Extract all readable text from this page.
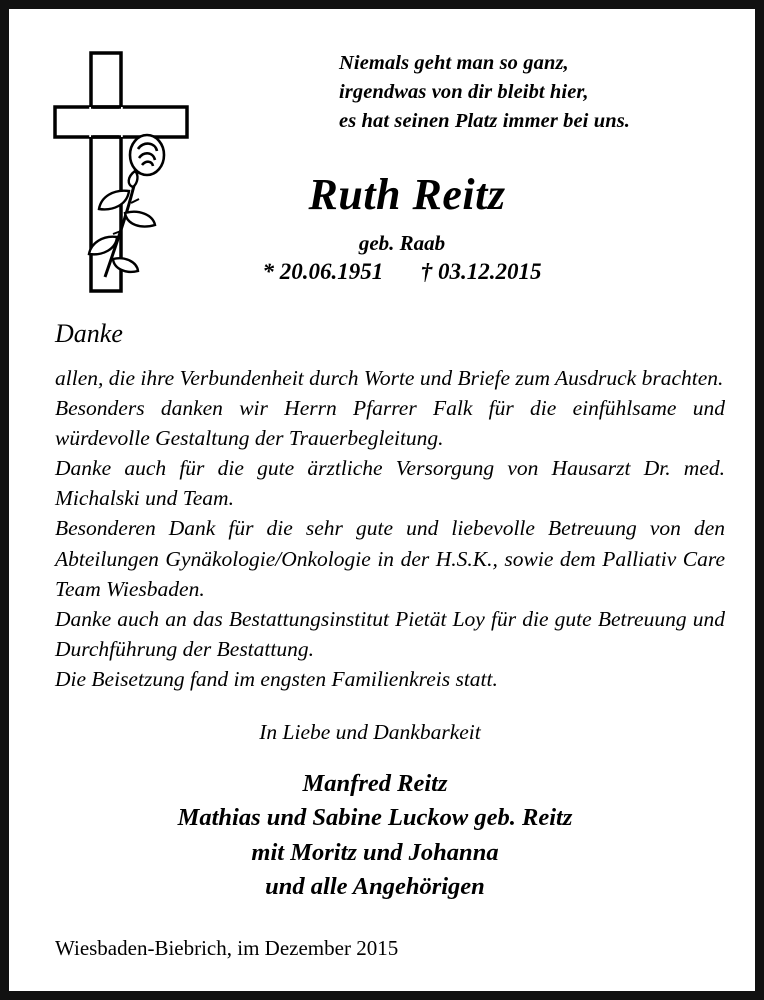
Niemals geht man so ganz,
irgendwas von dir bleibt hier,
es hat seinen Platz immer bei uns.
Ruth Reitz
geb. Raab
* 20.06.1951 † 03.12.2015
Danke
allen, die ihre Verbundenheit durch Worte und Briefe zum Ausdruck brachten.
Besonders danken wir Herrn Pfarrer Falk für die einfühlsame und würdevolle Gestaltung der Trauerbegleitung.
Danke auch für die gute ärztliche Versorgung von Hausarzt Dr. med. Michalski und Team.
Besonderen Dank für die sehr gute und liebevolle Betreuung von den Abteilungen Gynäkologie/Onkologie in der H.S.K., sowie dem Palliativ Care Team Wiesbaden.
Danke auch an das Bestattungsinstitut Pietät Loy für die gute Betreuung und Durchführung der Bestattung.
Die Beisetzung fand im engsten Familienkreis statt.
In Liebe und Dankbarkeit
Manfred Reitz
Mathias und Sabine Luckow geb. Reitz
mit Moritz und Johanna
und alle Angehörigen
Wiesbaden-Biebrich, im Dezember 2015
